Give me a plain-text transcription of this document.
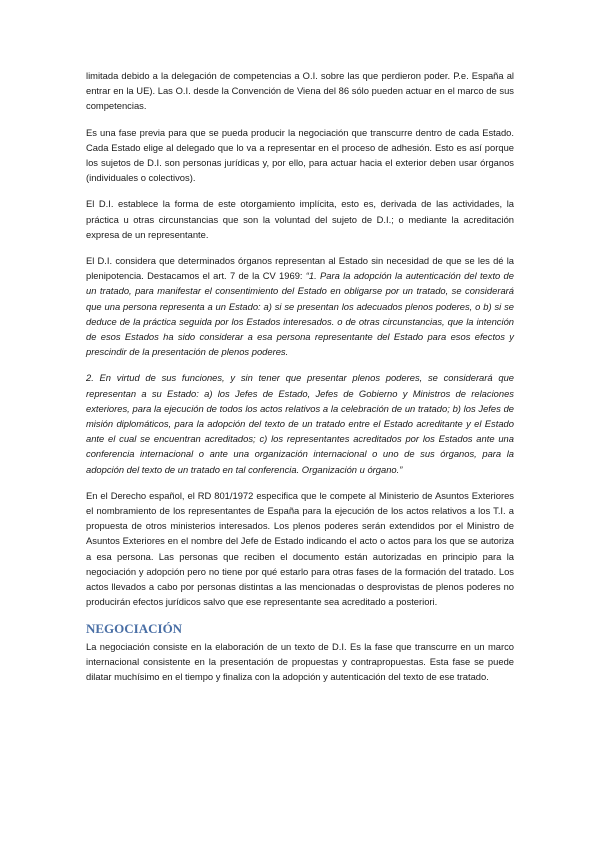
limitada debido a la delegación de competencias a O.I. sobre las que perdieron poder. P.e. España al entrar en la UE). Las O.I. desde la Convención de Viena del 86 sólo pueden actuar en el marco de sus competencias.

Es una fase previa para que se pueda producir la negociación que transcurre dentro de cada Estado. Cada Estado elige al delegado que lo va a representar en el proceso de adhesión. Esto es así porque los sujetos de D.I. son personas jurídicas y, por ello, para actuar hacia el exterior deben usar órganos (individuales o colectivos).

El D.I. establece la forma de este otorgamiento implícita, esto es, derivada de las actividades, la práctica u otras circunstancias que son la voluntad del sujeto de D.I.; o mediante la acreditación expresa de un representante.

El D.I. considera que determinados órganos representan al Estado sin necesidad de que se les dé la plenipotencia. Destacamos el art. 7 de la CV 1969: “1. Para la adopción la autenticación del texto de un tratado, para manifestar el consentimiento del Estado en obligarse por un tratado, se considerará que una persona representa a un Estado: a) si se presentan los adecuados plenos poderes, o b) si se deduce de la práctica seguida por los Estados interesados. o de otras circunstancias, que la intención de esos Estados ha sido considerar a esa persona representante del Estado para esos efectos y prescindir de la presentación de plenos poderes.

2. En virtud de sus funciones, y sin tener que presentar plenos poderes, se considerará que representan a su Estado: a) los Jefes de Estado, Jefes de Gobierno y Ministros de relaciones exteriores, para la ejecución de todos los actos relativos a la celebración de un tratado; b) los Jefes de misión diplomáticos, para la adopción del texto de un tratado entre el Estado acreditante y el Estado ante el cual se encuentran acreditados; c) los representantes acreditados por los Estados ante una conferencia internacional o ante una organización internacional o uno de sus órganos, para la adopción del texto de un tratado en tal conferencia. Organización u órgano.”

En el Derecho español, el RD 801/1972 especifica que le compete al Ministerio de Asuntos Exteriores el nombramiento de los representantes de España para la ejecución de los actos relativos a los T.I. a propuesta de otros ministerios interesados. Los plenos poderes serán extendidos por el Ministro de Asuntos Exteriores en el nombre del Jefe de Estado indicando el acto o actos para los que se autoriza a esa persona. Las personas que reciben el documento están autorizadas en principio para la negociación y adopción pero no tiene por qué estarlo para otras fases de la formación del tratado. Los actos llevados a cabo por personas distintas a las mencionadas o desprovistas de plenos poderes no producirán efectos jurídicos salvo que ese representante sea acreditado a posteriori.

NEGOCIACIÓN

La negociación consiste en la elaboración de un texto de D.I. Es la fase que transcurre en un marco internacional consistente en la presentación de propuestas y contrapropuestas. Esta fase se puede dilatar muchísimo en el tiempo y finaliza con la adopción y autenticación del texto de ese tratado.
